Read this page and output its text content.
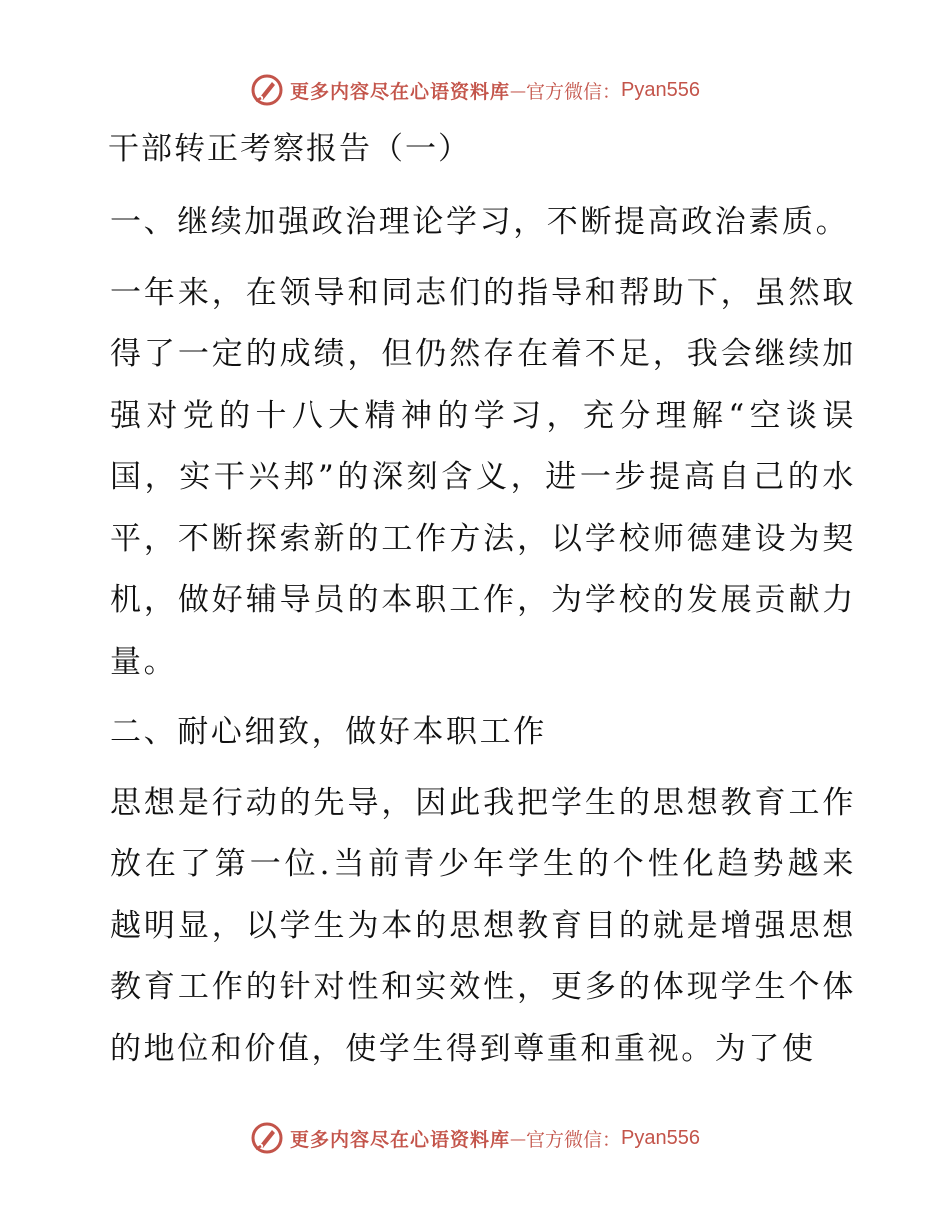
更多内容尽在心语资料库 — 官方微信： Pyan556
干部转正考察报告（一）

一、继续加强政治理论学习，不断提高政治素质。

一年来，在领导和同志们的指导和帮助下，虽然取得了一定的成绩，但仍然存在着不足，我会继续加强对党的十八大精神的学习，充分理解“空谈误国，实干兴邦”的深刻含义，进一步提高自己的水平，不断探索新的工作方法，以学校师德建设为契机，做好辅导员的本职工作，为学校的发展贡献力量。

二、耐心细致，做好本职工作

思想是行动的先导，因此我把学生的思想教育工作放在了第一位.当前青少年学生的个性化趋势越来越明显，以学生为本的思想教育目的就是增强思想教育工作的针对性和实效性，更多的体现学生个体的地位和价值，使学生得到尊重和重视。为了使

更多内容尽在心语资料库 — 官方微信： Pyan556
